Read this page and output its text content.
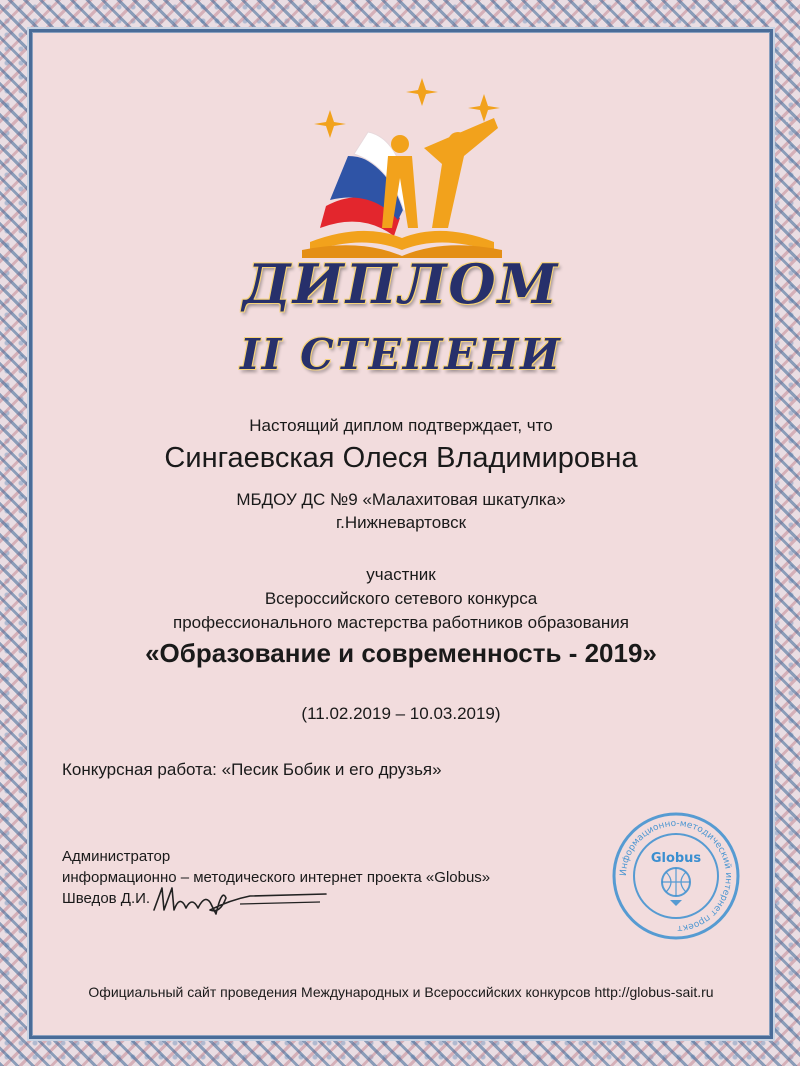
ДИПЛОМ
II СТЕПЕНИ
Настоящий диплом подтверждает, что
Сингаевская Олеся Владимировна
МБДОУ ДС №9 «Малахитовая шкатулка»
г.Нижневартовск
участник
Всероссийского сетевого конкурса
профессионального мастерства работников образования
«Образование и современность - 2019»
(11.02.2019 – 10.03.2019)
Конкурсная работа: «Песик Бобик и его друзья»
Администратор
информационно – методического интернет проекта «Globus»
Шведов Д.И.
Информационно-методический интернет проект
Globus
Официальный сайт проведения Международных и Всероссийских конкурсов http://globus-sait.ru
